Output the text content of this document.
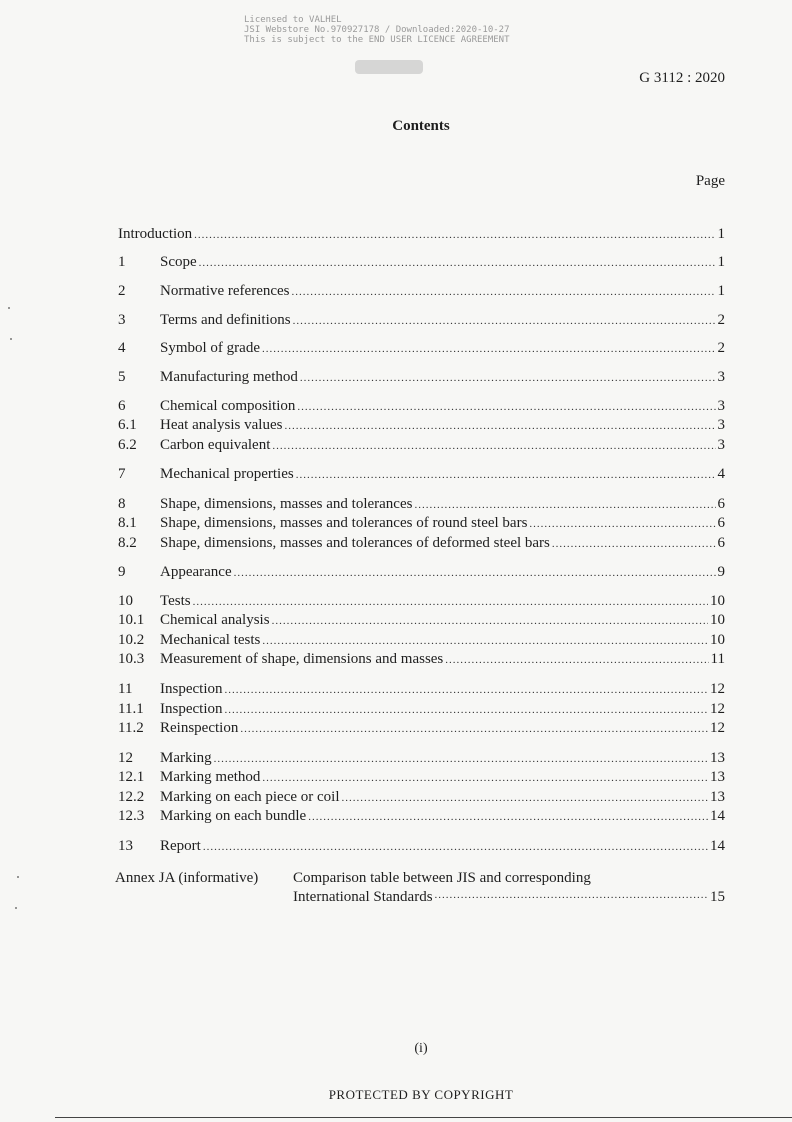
Licensed to VALHEL
JSI Webstore No.970927178 / Downloaded:2020-10-27
This is subject to the END USER LICENCE AGREEMENT
G 3112 : 2020
Contents
Page
Introduction .....	1
1	Scope .....	1
2	Normative references .....	1
3	Terms and definitions .....	2
4	Symbol of grade .....	2
5	Manufacturing method .....	3
6	Chemical composition .....	3
6.1	Heat analysis values .....	3
6.2	Carbon equivalent .....	3
7	Mechanical properties .....	4
8	Shape, dimensions, masses and tolerances .....	6
8.1	Shape, dimensions, masses and tolerances of round steel bars .....	6
8.2	Shape, dimensions, masses and tolerances of deformed steel bars .....	6
9	Appearance .....	9
10	Tests .....	10
10.1	Chemical analysis .....	10
10.2	Mechanical tests .....	10
10.3	Measurement of shape, dimensions and masses .....	11
11	Inspection .....	12
11.1	Inspection .....	12
11.2	Reinspection .....	12
12	Marking .....	13
12.1	Marking method .....	13
12.2	Marking on each piece or coil .....	13
12.3	Marking on each bundle .....	14
13	Report .....	14
Annex JA (informative)	Comparison table between JIS and corresponding
International Standards .....	15
(i)
PROTECTED BY COPYRIGHT
